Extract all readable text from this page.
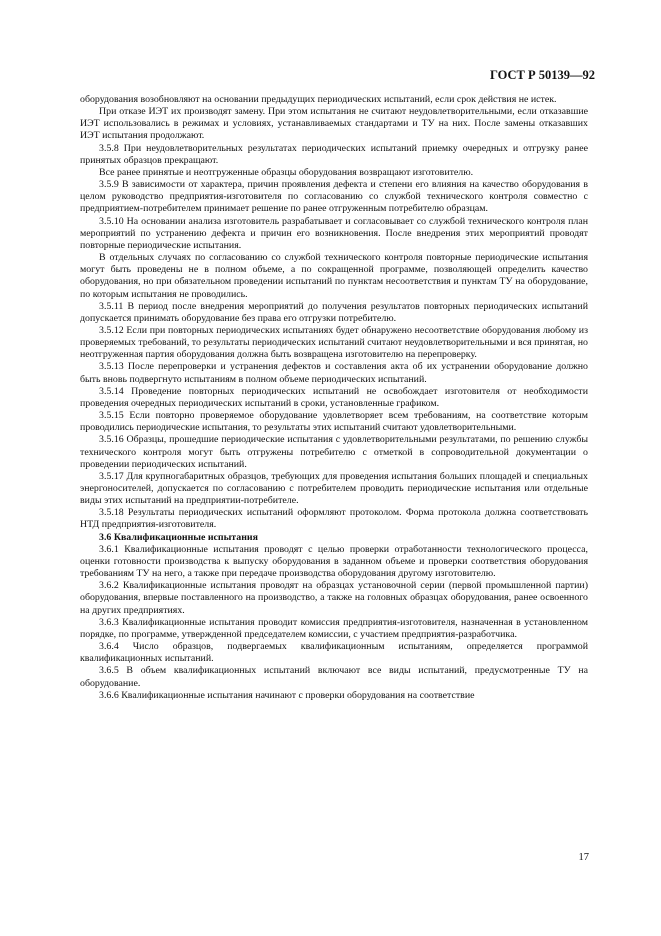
ГОСТ Р 50139—92

оборудования возобновляют на основании предыдущих периодических испытаний, если срок действия не истек.

При отказе ИЭТ их производят замену. При этом испытания не считают неудовлетворительными, если отказавшие ИЭТ использовались в режимах и условиях, устанавливаемых стандартами и ТУ на них. После замены отказавших ИЭТ испытания продолжают.

3.5.8 При неудовлетворительных результатах периодических испытаний приемку очередных и отгрузку ранее принятых образцов прекращают.

Все ранее принятые и неотгруженные образцы оборудования возвращают изготовителю.

3.5.9 В зависимости от характера, причин проявления дефекта и степени его влияния на качество оборудования в целом руководство предприятия-изготовителя по согласованию со службой технического контроля совместно с предприятием-потребителем принимает решение по ранее отгруженным потребителю образцам.

3.5.10 На основании анализа изготовитель разрабатывает и согласовывает со службой технического контроля план мероприятий по устранению дефекта и причин его возникновения. После внедрения этих мероприятий проводят повторные периодические испытания.

В отдельных случаях по согласованию со службой технического контроля повторные периодические испытания могут быть проведены не в полном объеме, а по сокращенной программе, позволяющей определить качество оборудования, но при обязательном проведении испытаний по пунктам несоответствия и пунктам ТУ на оборудование, по которым испытания не проводились.

3.5.11 В период после внедрения мероприятий до получения результатов повторных периодических испытаний допускается принимать оборудование без права его отгрузки потребителю.

3.5.12 Если при повторных периодических испытаниях будет обнаружено несоответствие оборудования любому из проверяемых требований, то результаты периодических испытаний считают неудовлетворительными и вся принятая, но неотгруженная партия оборудования должна быть возвращена изготовителю на перепроверку.

3.5.13 После перепроверки и устранения дефектов и составления акта об их устранении оборудование должно быть вновь подвергнуто испытаниям в полном объеме периодических испытаний.

3.5.14 Проведение повторных периодических испытаний не освобождает изготовителя от необходимости проведения очередных периодических испытаний в сроки, установленные графиком.

3.5.15 Если повторно проверяемое оборудование удовлетворяет всем требованиям, на соответствие которым проводились периодические испытания, то результаты этих испытаний считают удовлетворительными.

3.5.16 Образцы, прошедшие периодические испытания с удовлетворительными результатами, по решению службы технического контроля могут быть отгружены потребителю с отметкой в сопроводительной документации о проведении периодических испытаний.

3.5.17 Для крупногабаритных образцов, требующих для проведения испытания больших площадей и специальных энергоносителей, допускается по согласованию с потребителем проводить периодические испытания или отдельные виды этих испытаний на предприятии-потребителе.

3.5.18 Результаты периодических испытаний оформляют протоколом. Форма протокола должна соответствовать НТД предприятия-изготовителя.

3.6 Квалификационные испытания

3.6.1 Квалификационные испытания проводят с целью проверки отработанности технологического процесса, оценки готовности производства к выпуску оборудования в заданном объеме и проверки соответствия оборудования требованиям ТУ на него, а также при передаче производства оборудования другому изготовителю.

3.6.2 Квалификационные испытания проводят на образцах установочной серии (первой промышленной партии) оборудования, впервые поставленного на производство, а также на головных образцах оборудования, ранее освоенного на других предприятиях.

3.6.3 Квалификационные испытания проводит комиссия предприятия-изготовителя, назначенная в установленном порядке, по программе, утвержденной председателем комиссии, с участием предприятия-разработчика.

3.6.4 Число образцов, подвергаемых квалификационным испытаниям, определяется программой квалификационных испытаний.

3.6.5 В объем квалификационных испытаний включают все виды испытаний, предусмотренные ТУ на оборудование.

3.6.6 Квалификационные испытания начинают с проверки оборудования на соответствие

17
